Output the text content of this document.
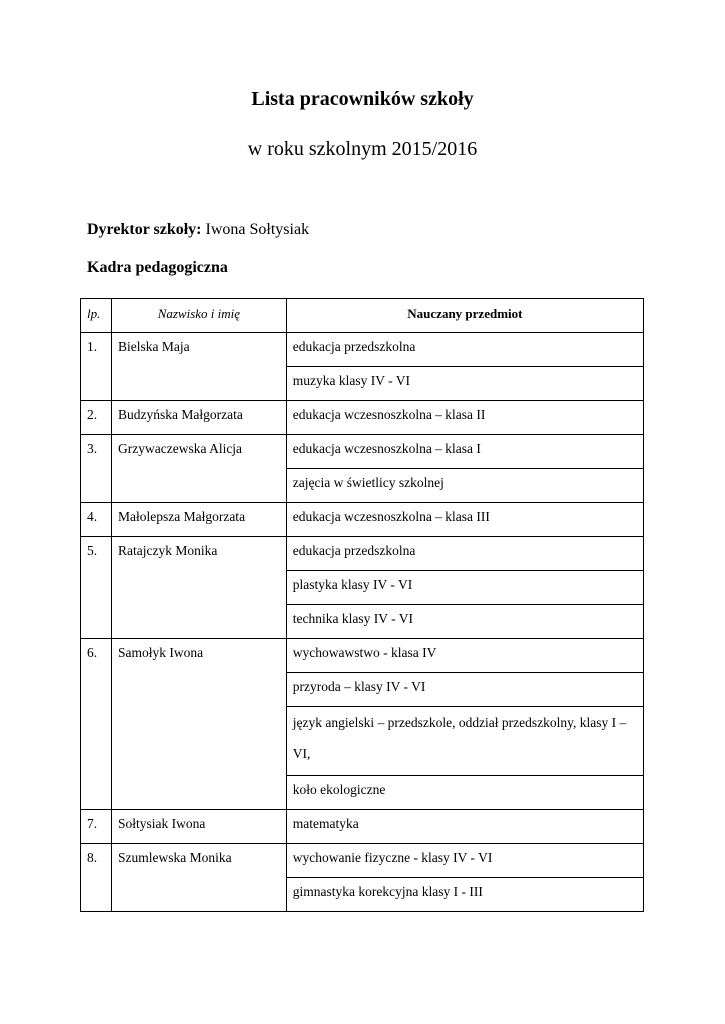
Lista pracowników szkoły
w roku szkolnym 2015/2016
Dyrektor szkoły: Iwona Sołtysiak
Kadra pedagogiczna
lp.	Nazwisko i imię	Nauczany przedmiot
1.	Bielska Maja	edukacja przedszkolna
		muzyka klasy IV - VI
2.	Budzyńska Małgorzata	edukacja wczesnoszkolna – klasa II
3.	Grzywaczewska Alicja	edukacja wczesnoszkolna – klasa I
		zajęcia w świetlicy szkolnej
4.	Małolepsza Małgorzata	edukacja wczesnoszkolna – klasa III
5.	Ratajczyk Monika	edukacja przedszkolna
		plastyka klasy IV - VI
		technika klasy IV - VI
6.	Samołyk Iwona	wychowawstwo - klasa IV
		przyroda – klasy IV - VI
		język angielski – przedszkole, oddział przedszkolny, klasy I – VI,
		koło ekologiczne
7.	Sołtysiak Iwona	matematyka
8.	Szumlewska Monika	wychowanie fizyczne - klasy IV - VI
		gimnastyka korekcyjna klasy I - III
